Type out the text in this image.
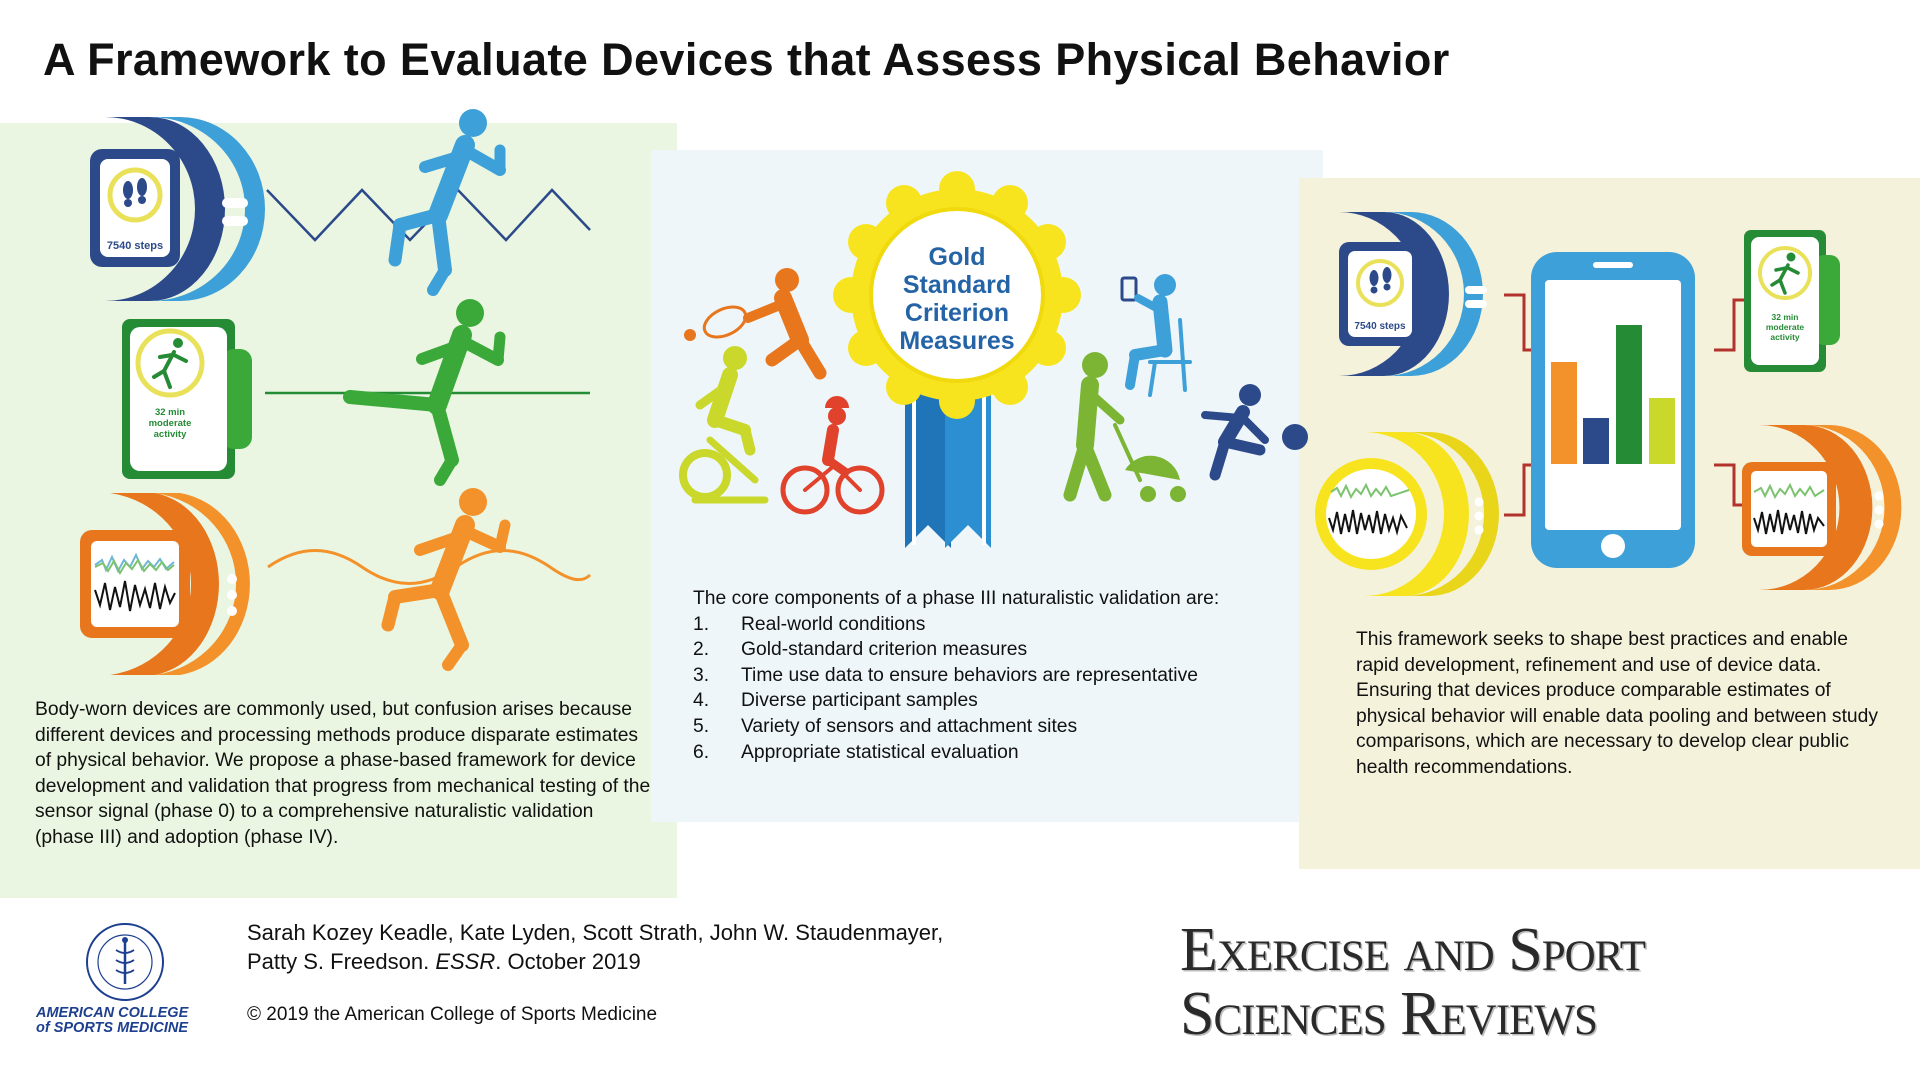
A Framework to Evaluate Devices that Assess Physical Behavior
7540 steps
32 min
moderate
activity
Gold
Standard
Criterion
Measures
7540 steps
32 min
moderate
activity

Body-worn devices are commonly used, but confusion arises because different devices and processing methods produce disparate estimates of physical behavior. We propose a phase-based framework for device development and validation that progress from mechanical testing of the sensor signal (phase 0) to a comprehensive naturalistic validation (phase III) and adoption (phase IV).

The core components of a phase III naturalistic validation are:

1.	Real-world conditions
2.	Gold-standard criterion measures
3.	Time use data to ensure behaviors are representative
4.	Diverse participant samples
5.	Variety of sensors and attachment sites
6.	Appropriate statistical evaluation

This framework seeks to shape best practices and enable rapid development, refinement and use of device data. Ensuring that devices produce comparable estimates of physical behavior will enable data pooling and between study comparisons, which are necessary to develop clear public health recommendations.

AMERICAN COLLEGE
of SPORTS MEDICINE

Sarah Kozey Keadle, Kate Lyden, Scott Strath, John W. Staudenmayer,
Patty S. Freedson. ESSR. October 2019

© 2019 the American College of Sports Medicine

Exercise and Sport
Sciences Reviews
